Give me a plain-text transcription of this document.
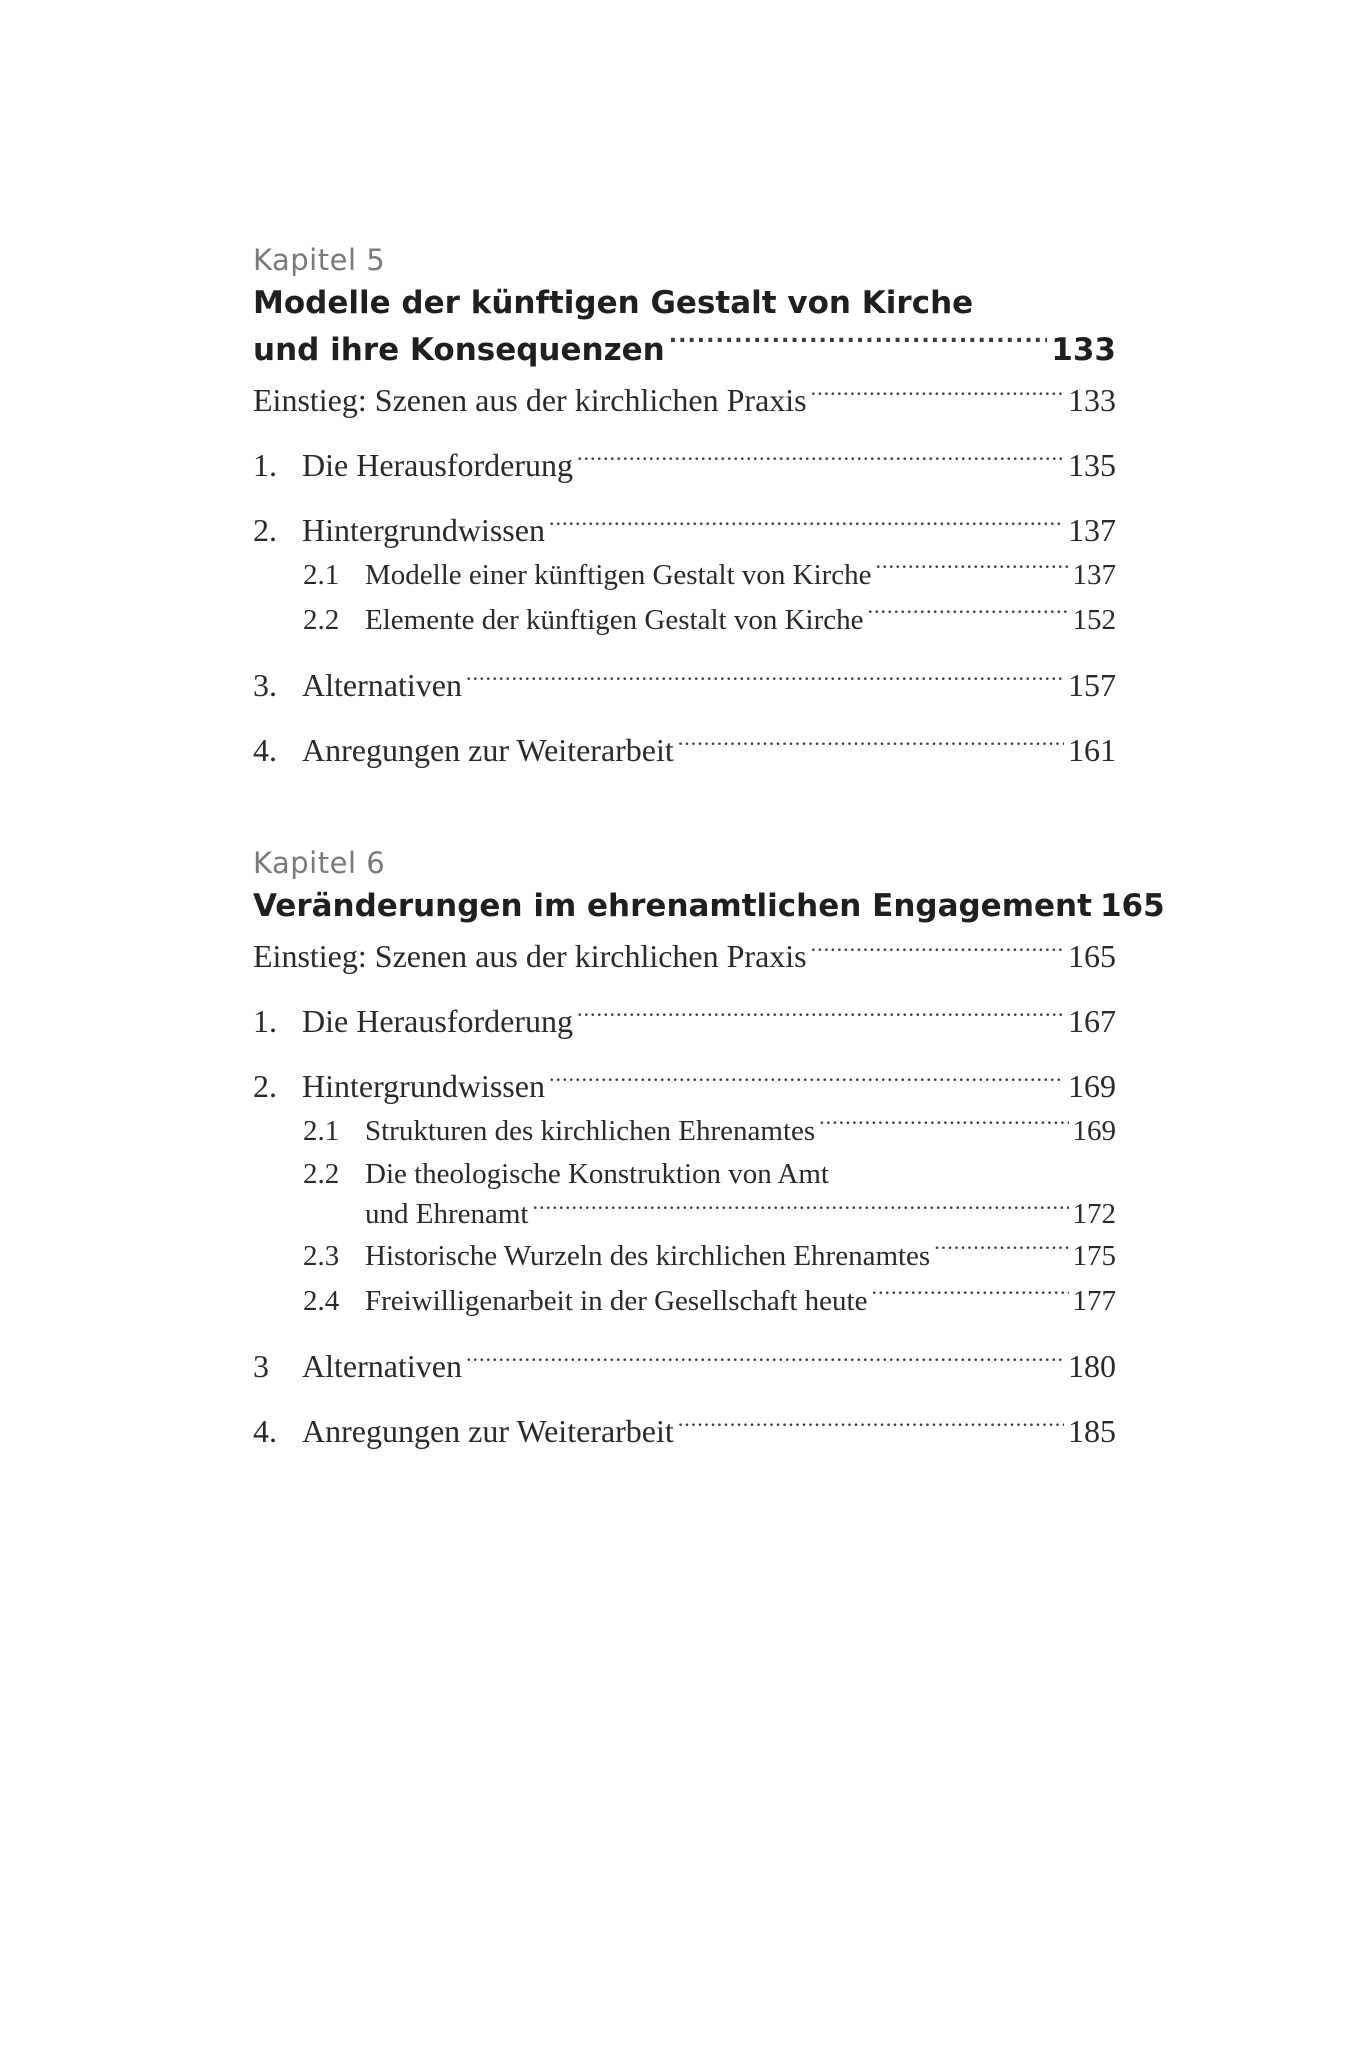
Kapitel 5
Modelle der künftigen Gestalt von Kirche
und ihre Konsequenzen .....	133
Einstieg: Szenen aus der kirchlichen Praxis .....	133
1. Die Herausforderung .....	135
2. Hintergrundwissen .....	137
2.1 Modelle einer künftigen Gestalt von Kirche .....	137
2.2 Elemente der künftigen Gestalt von Kirche .....	152
3. Alternativen .....	157
4. Anregungen zur Weiterarbeit .....	161
Kapitel 6
Veränderungen im ehrenamtlichen Engagement 165
Einstieg: Szenen aus der kirchlichen Praxis .....	165
1. Die Herausforderung .....	167
2. Hintergrundwissen .....	169
2.1 Strukturen des kirchlichen Ehrenamtes .....	169
2.2 Die theologische Konstruktion von Amt
und Ehrenamt .....	172
2.3 Historische Wurzeln des kirchlichen Ehrenamtes .....	175
2.4 Freiwilligenarbeit in der Gesellschaft heute .....	177
3	Alternativen .....	180
4. Anregungen zur Weiterarbeit .....	185
